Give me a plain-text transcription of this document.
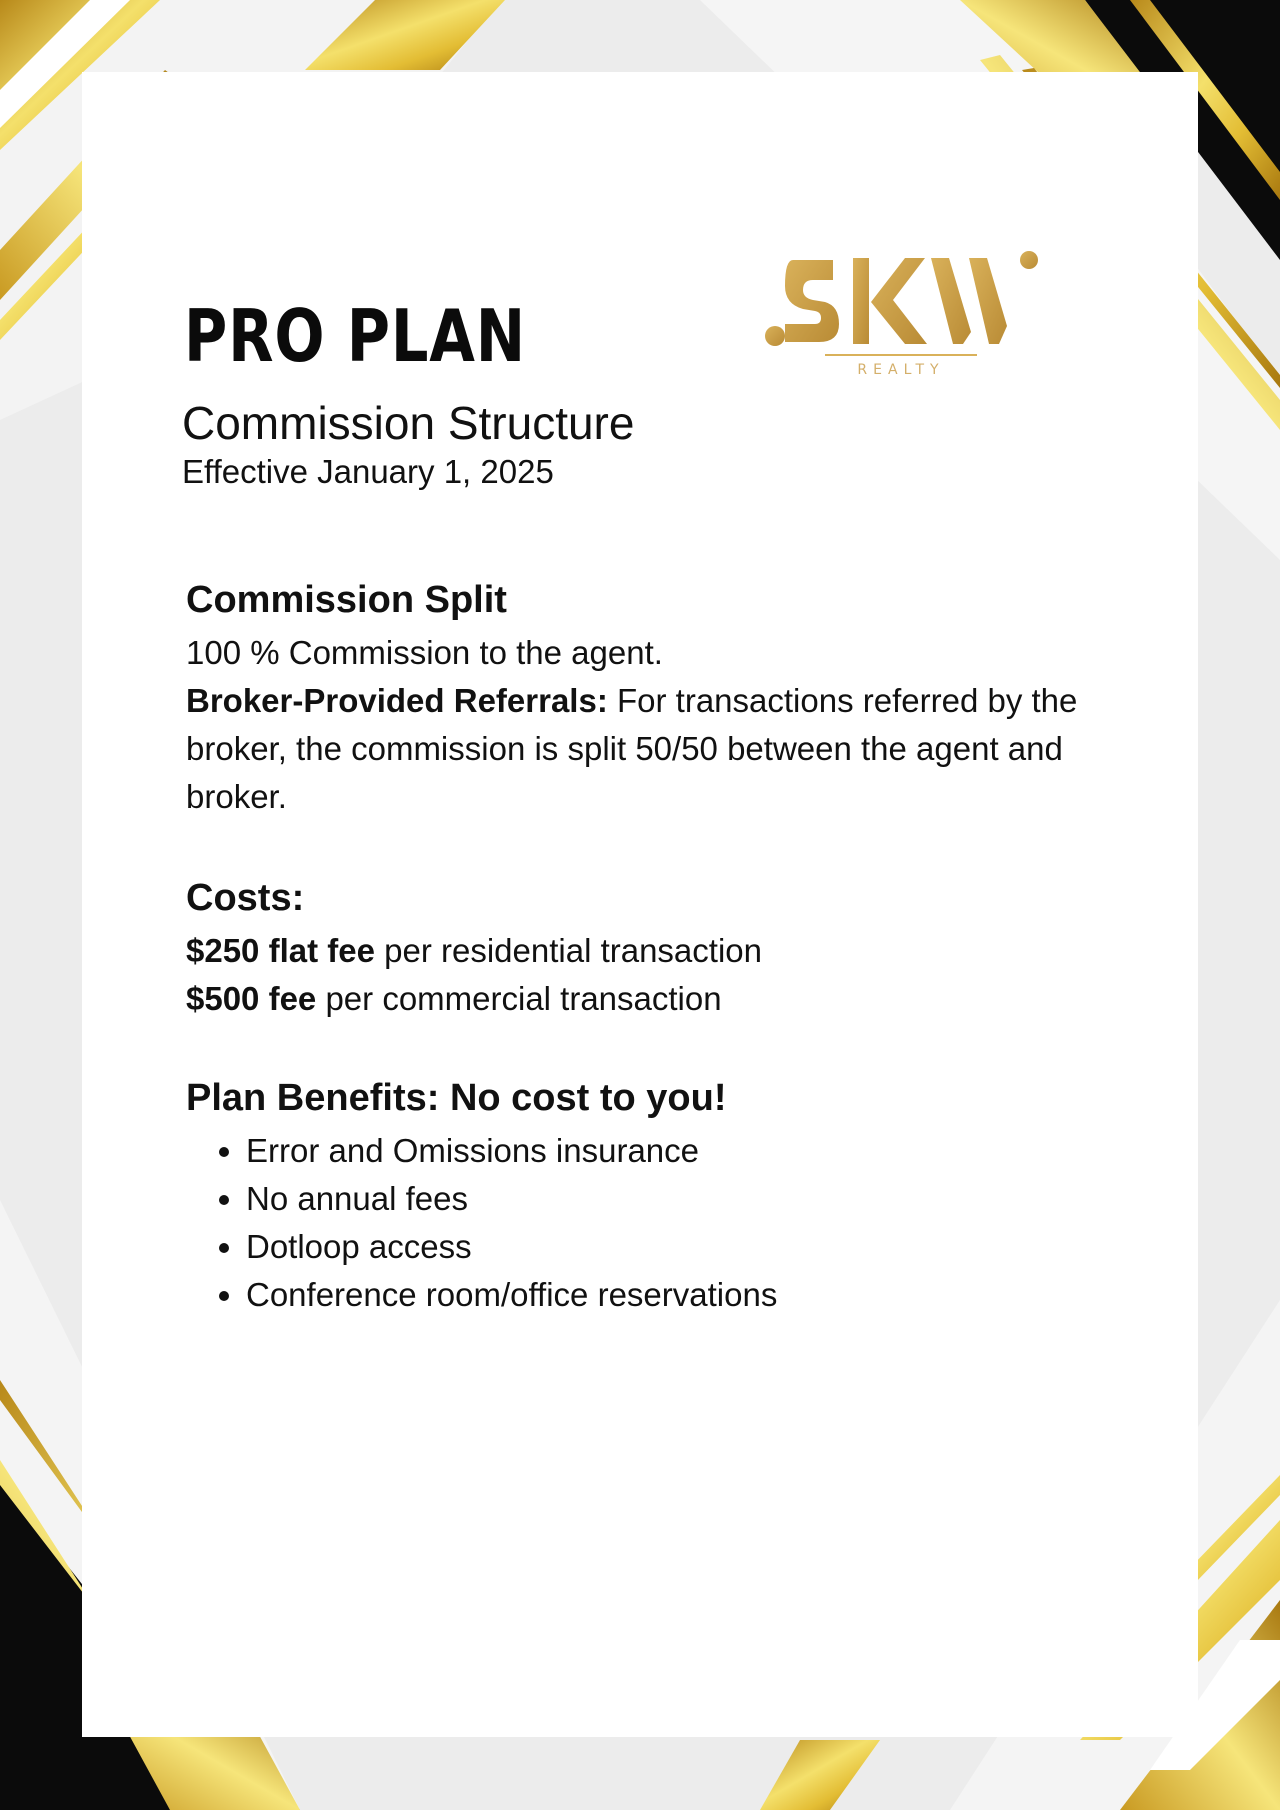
PRO PLAN
Commission Structure

Effective January 1, 2025

REALTY
Commission Split

100 % Commission to the agent.

Broker-Provided Referrals: For transactions referred by the broker, the commission is split 50/50 between the agent and broker.

Costs:

$250 flat fee per residential transaction

$500 fee per commercial transaction

Plan Benefits: No cost to you!
• Error and Omissions insurance
• No annual fees
• Dotloop access
• Conference room/office reservations
